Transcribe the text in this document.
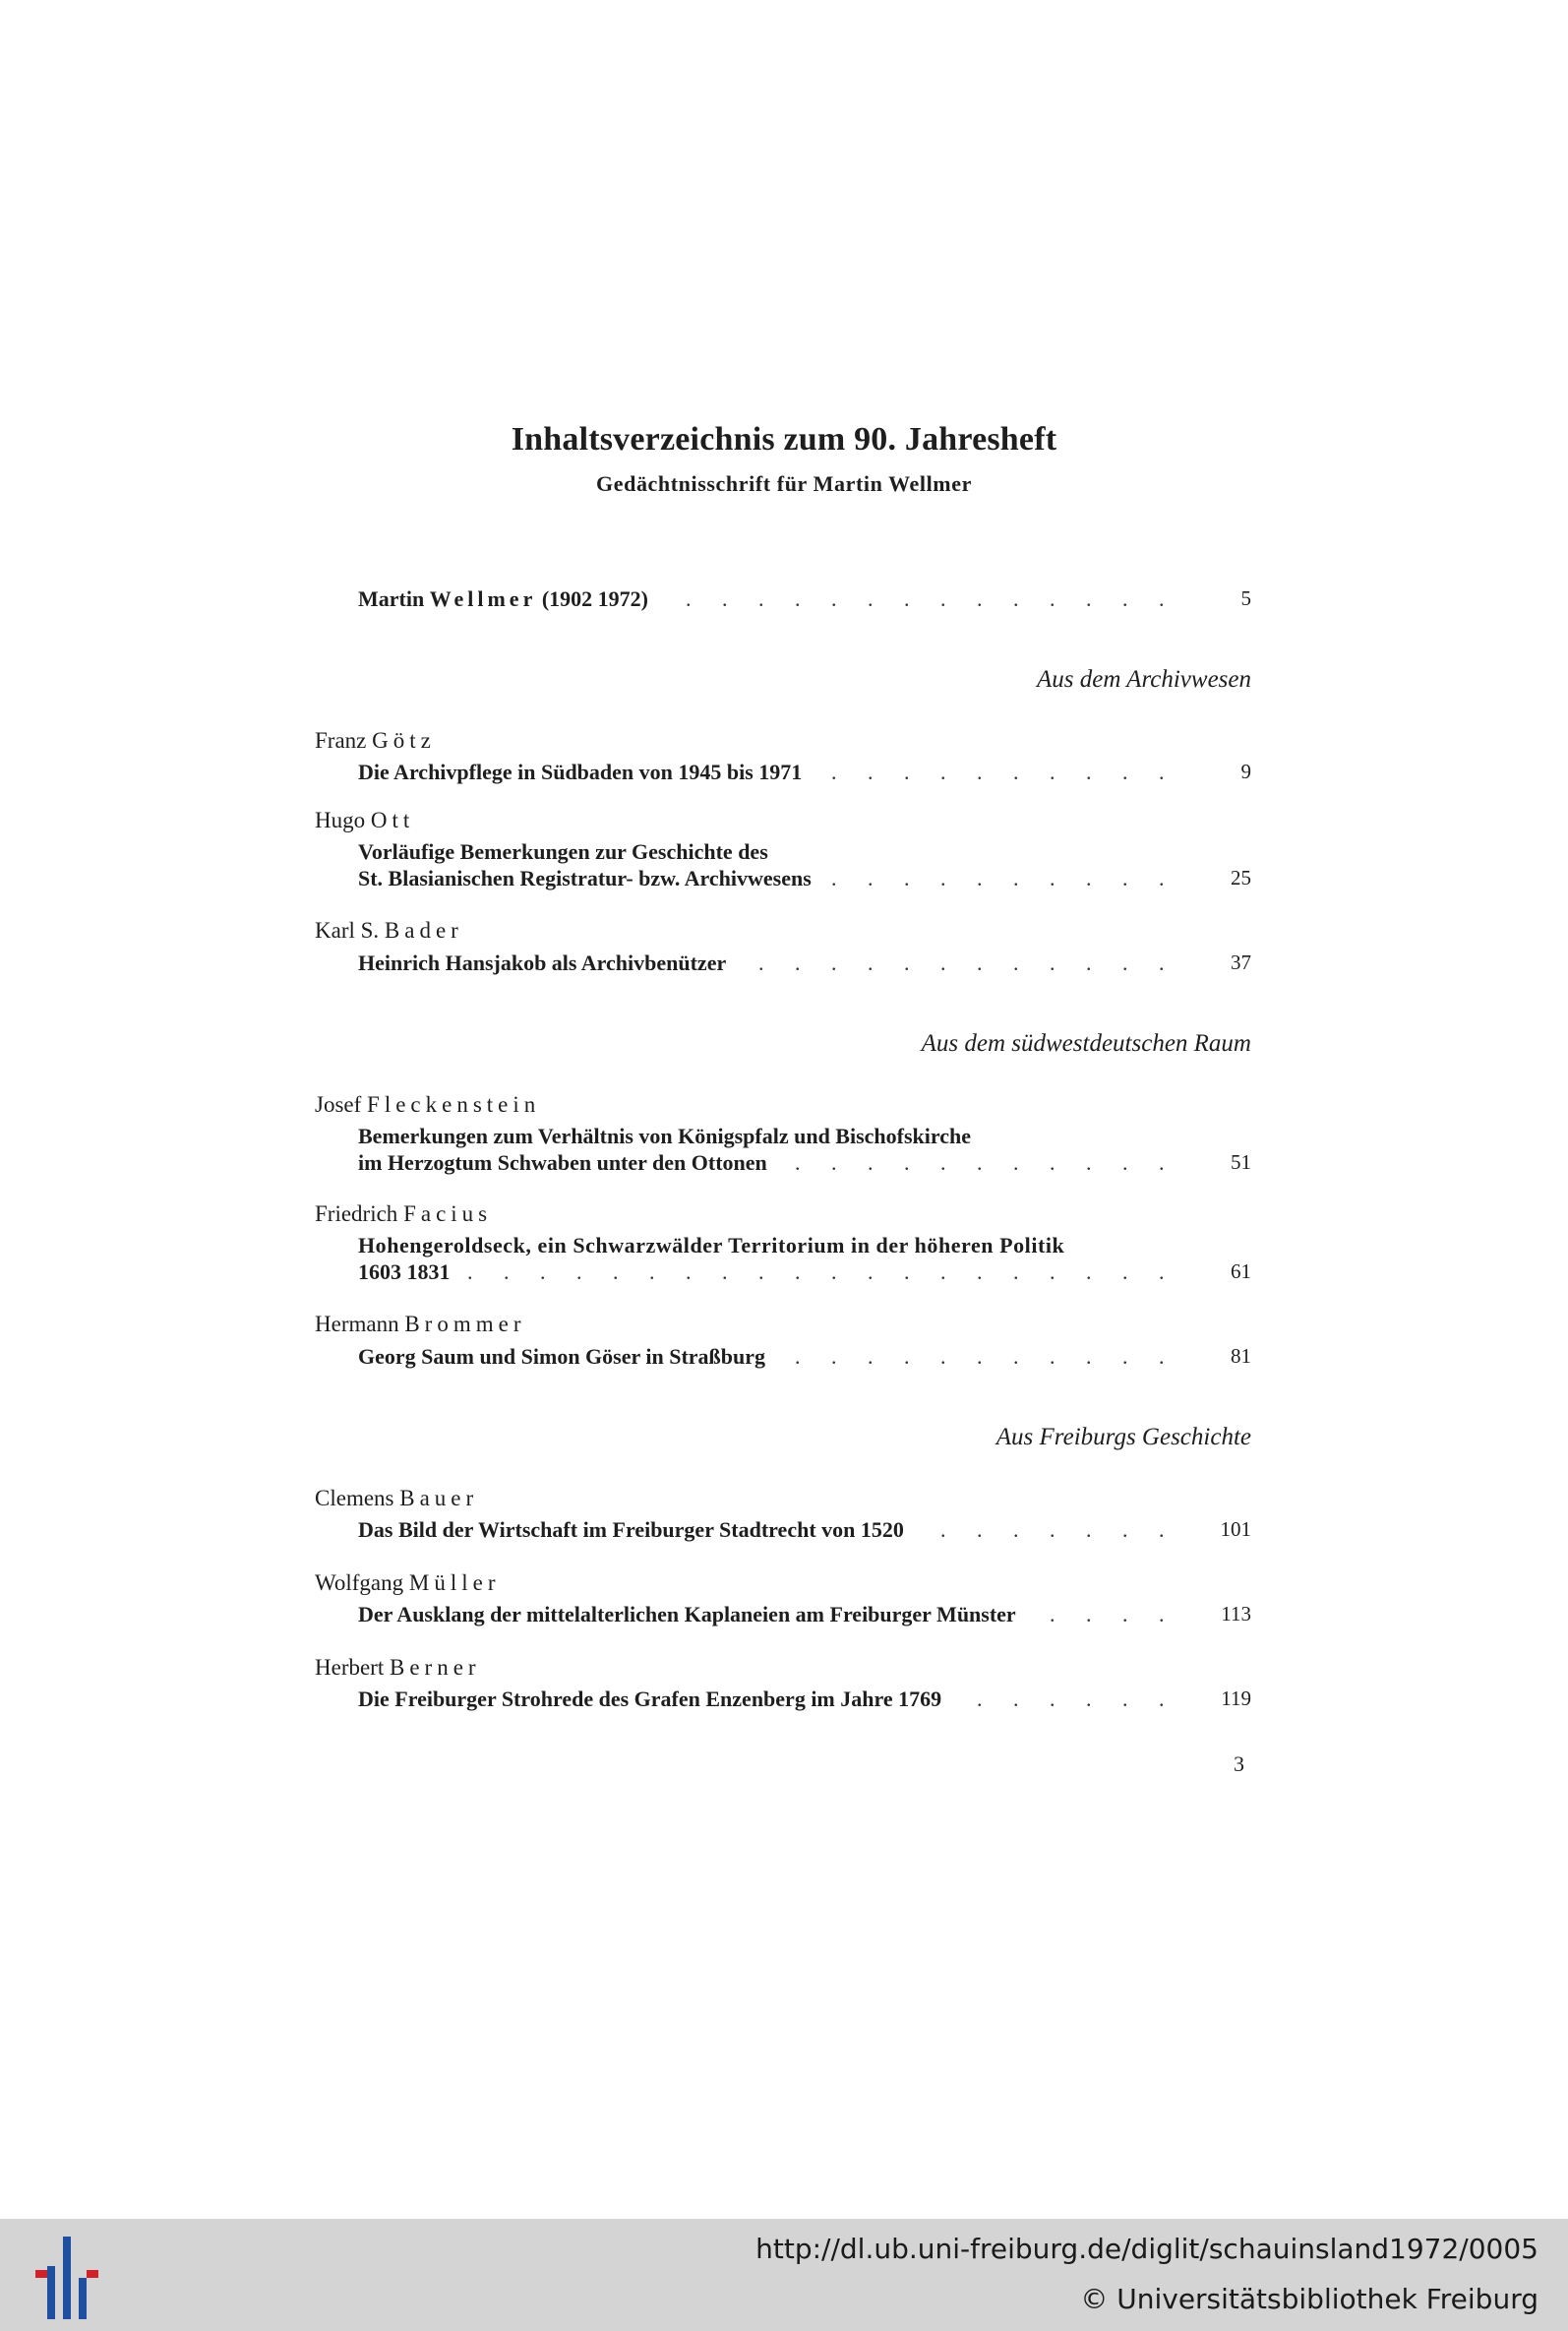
Inhaltsverzeichnis zum 90. Jahresheft
Gedächtnisschrift für Martin Wellmer
. . .
Martin Wellmer (1902 1972)	5
Aus dem Archivwesen
Franz Götz
. . .
Die Archivpflege in Südbaden von 1945 bis 1971	9
Hugo Ott
Vorläufige Bemerkungen zur Geschichte des
. . .
St. Blasianischen Registratur- bzw. Archivwesens	25
Karl S. Bader
. . .
Heinrich Hansjakob als Archivbenützer	37
Aus dem südwestdeutschen Raum
Josef Fleckenstein
Bemerkungen zum Verhältnis von Königspfalz und Bischofskirche
. . .
im Herzogtum Schwaben unter den Ottonen	51
Friedrich Facius
Hohengeroldseck, ein Schwarzwälder Territorium in der höheren Politik
. . .
1603 1831	61
Hermann Brommer
. . .
Georg Saum und Simon Göser in Straßburg	81
Aus Freiburgs Geschichte
Clemens Bauer
. . .
Das Bild der Wirtschaft im Freiburger Stadtrecht von 1520	101
Wolfgang Müller
. . .
Der Ausklang der mittelalterlichen Kaplaneien am Freiburger Münster	113
Herbert Berner
. . .
Die Freiburger Strohrede des Grafen Enzenberg im Jahre 1769	119
3
http://dl.ub.uni-freiburg.de/diglit/schauinsland1972/0005
© Universitätsbibliothek Freiburg
